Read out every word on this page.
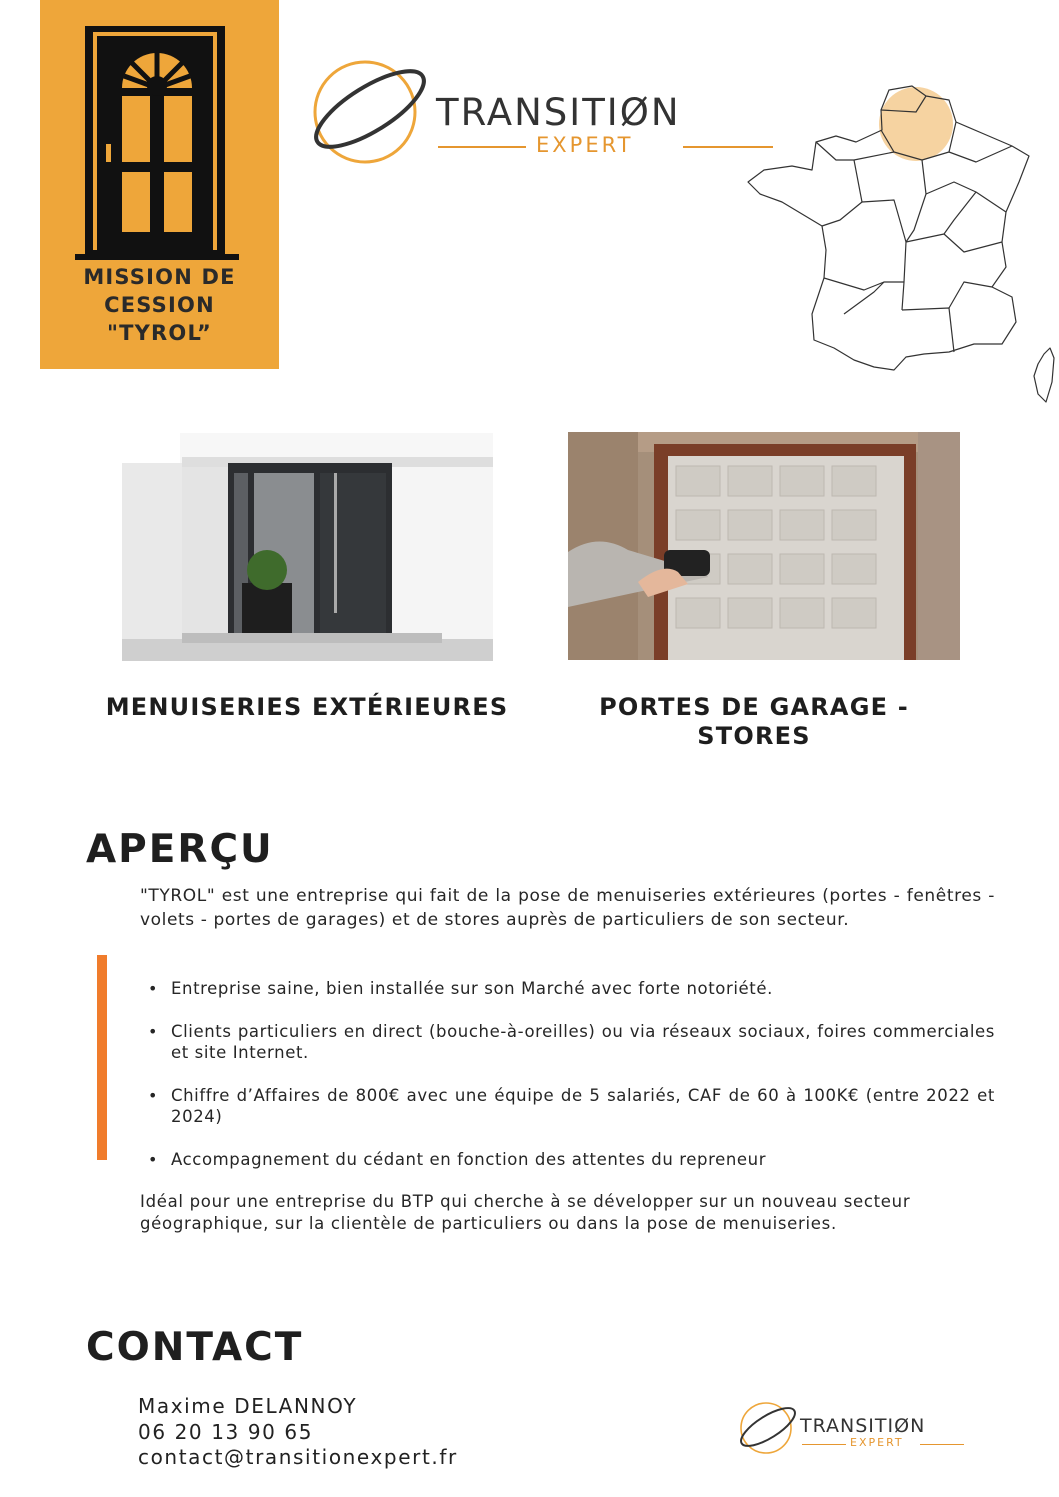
MISSION DE
CESSION
"TYROL”
TRANSITIØN
EXPERT
MENUISERIES EXTÉRIEURES	PORTES DE GARAGE -
STORES
APERÇU
"TYROL" est une entreprise qui fait de la pose de menuiseries extérieures (portes - fenêtres - volets - portes de garages) et de stores auprès de particuliers de son secteur.
• Entreprise saine, bien installée sur son Marché avec forte notoriété.
• Clients particuliers en direct (bouche-à-oreilles) ou via réseaux sociaux, foires commerciales et site Internet.
• Chiffre d’Affaires de 800€ avec une équipe de 5 salariés, CAF de 60 à 100K€ (entre 2022 et 2024)
• Accompagnement du cédant en fonction des attentes du repreneur
Idéal pour une entreprise du BTP qui cherche à se développer sur un nouveau secteur géographique, sur la clientèle de particuliers ou dans la pose de menuiseries.
CONTACT
Maxime DELANNOY
06 20 13 90 65
contact@transitionexpert.fr
TRANSITIØN
EXPERT
